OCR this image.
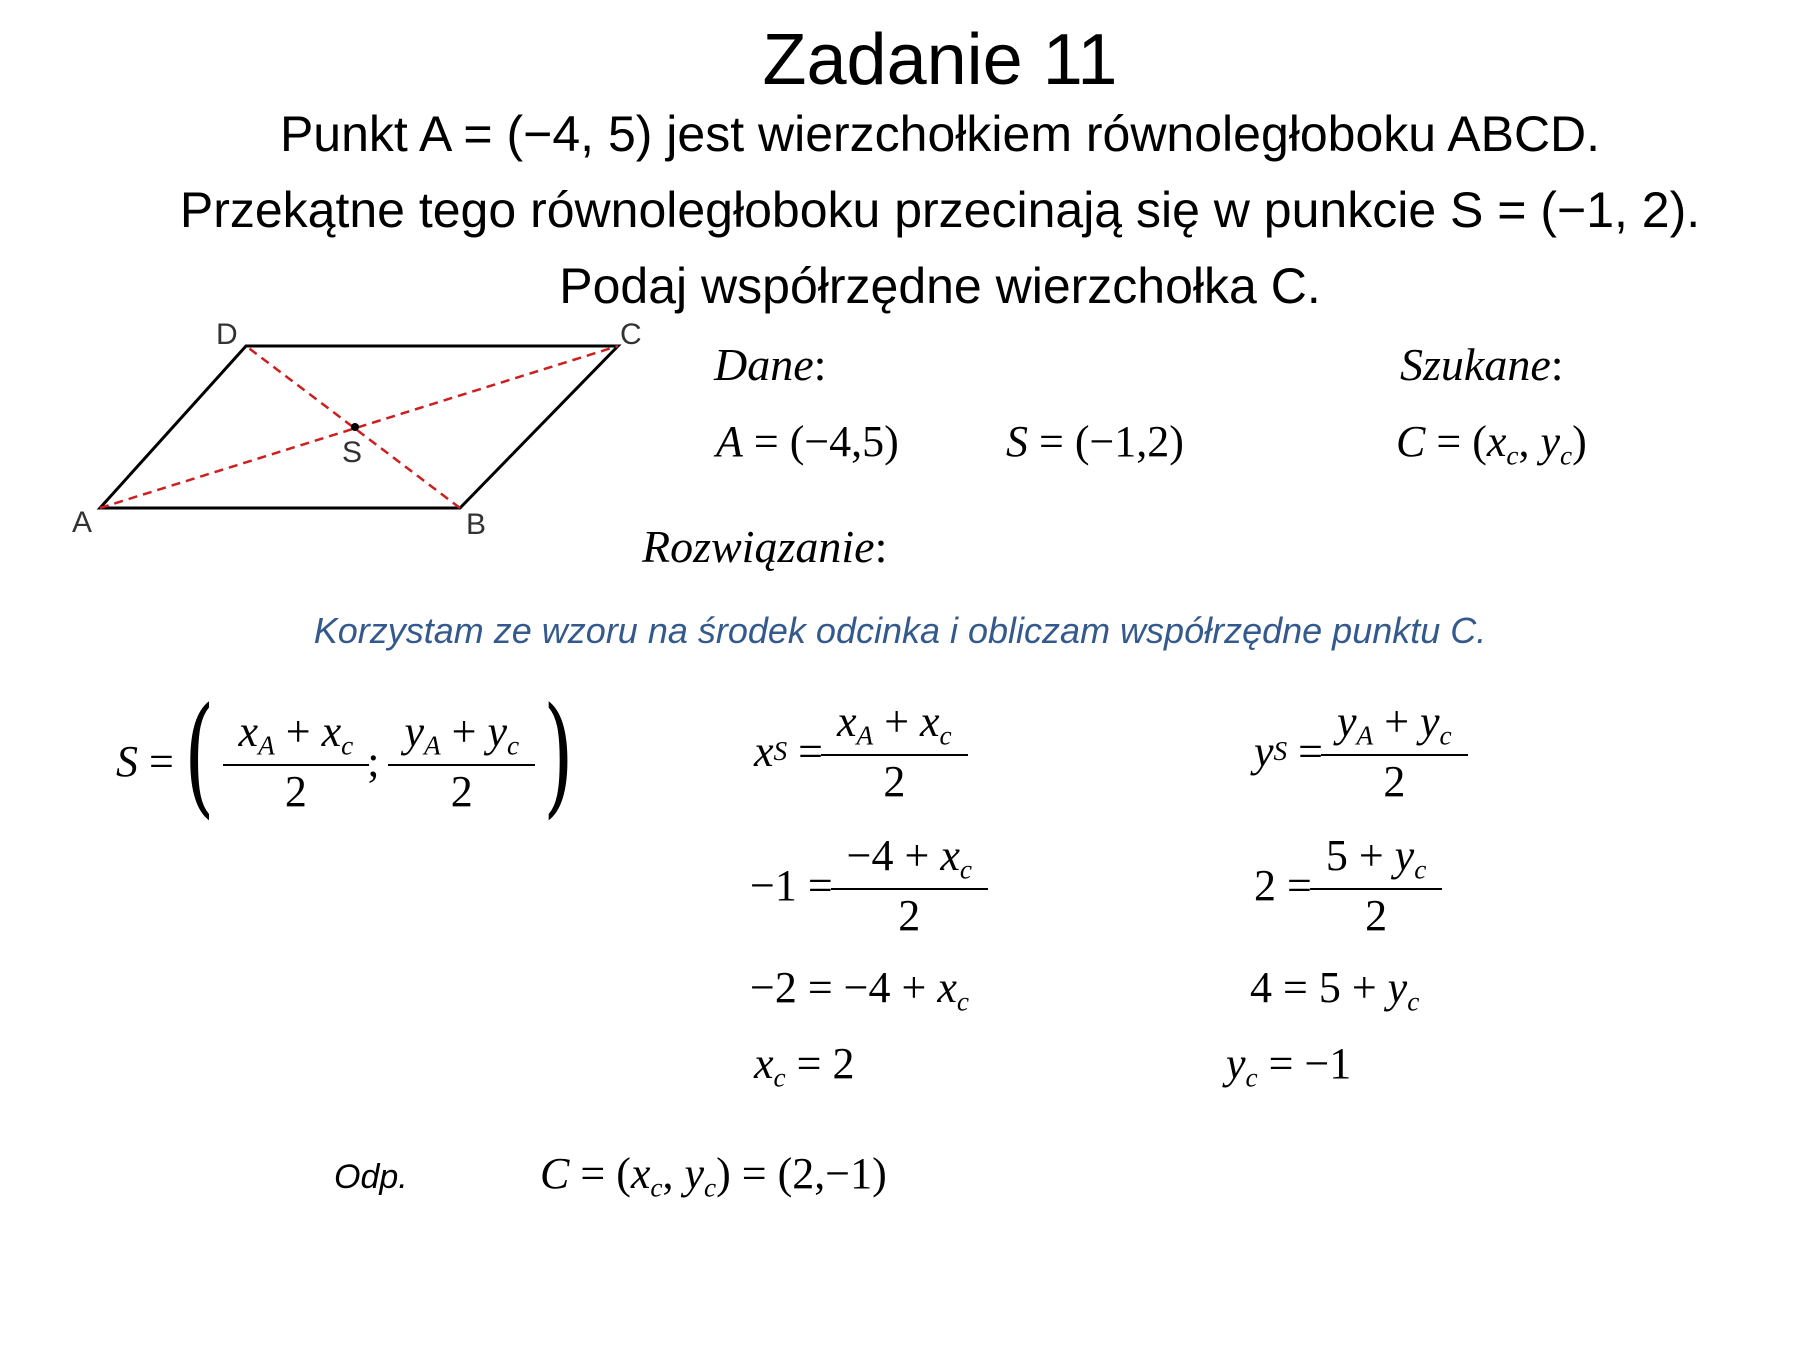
Zadanie 11
Punkt A = (−4, 5) jest wierzchołkiem równoległoboku ABCD.
Przekątne tego równoległoboku przecinają się w punkcie S = (−1, 2).
Podaj współrzędne wierzchołka C.
D	C
A	B
S
Dane:	Szukane:
A = (−4,5) S = (−1,2)	$C = (x_c$, $y_c$)
Rozwiązanie:
Korzystam ze wzoru na środek odcinka i obliczam współrzędne punktu C.
S
= ( $\frac{x_A + x_c}{2}$ ;
$\frac{y_A + y_c}{2}$ )	x S
= $\frac{x_A + x_c}{2}$
−1
= $\frac{-4 + x_c}{2}$
$-2 = -4 + x_c$
$x_c = 2$
y S
= $\frac{y_A + y_c}{2}$
2
= $\frac{5 + y_c}{2}$
$4 = 5 + y_c$
$y_c = -1$
Odp.	$C = (x_c$, $y_c) = (2,-1)$
